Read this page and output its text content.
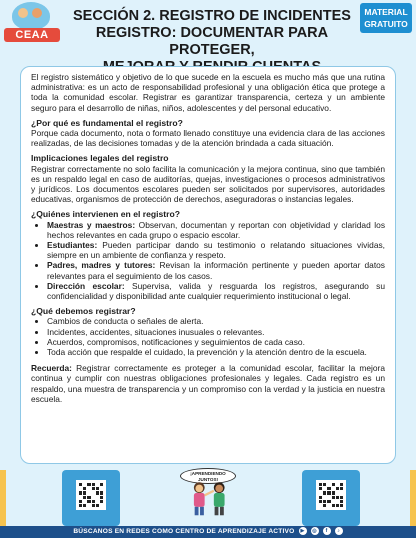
CEAA
SECCIÓN 2. REGISTRO DE INCIDENTES
REGISTRO: DOCUMENTAR PARA PROTEGER,
MATERIAL
GRATUITO

El registro sistemático y objetivo de lo que sucede en la escuela es mucho más que una rutina administrativa: es un acto de responsabilidad profesional y una obligación ética que protege a toda la comunidad escolar. Registrar es garantizar transparencia, certeza y un ambiente seguro para el desarrollo de niñas, niños, adolescentes y del personal educativo.

¿Por qué es fundamental el registro?

Porque cada documento, nota o formato llenado constituye una evidencia clara de las acciones realizadas, de las decisiones tomadas y de la atención brindada a cada situación.

Implicaciones legales del registro

Registrar correctamente no solo facilita la comunicación y la mejora continua, sino que también es un respaldo legal en caso de auditorías, quejas, investigaciones o procesos administrativos y jurídicos. Los documentos escolares pueden ser solicitados por supervisores, autoridades educativas, organismos de protección de derechos, aseguradoras o instancias legales.

¿Quiénes intervienen en el registro?
• Maestras y maestros: Observan, documentan y reportan con objetividad y claridad los hechos relevantes en cada grupo o espacio escolar.
• Estudiantes: Pueden participar dando su testimonio o relatando situaciones vividas, siempre en un ambiente de confianza y respeto.
• Padres, madres y tutores: Revisan la información pertinente y pueden aportar datos relevantes para el seguimiento de los casos.
• Dirección escolar: Supervisa, valida y resguarda los registros, asegurando su confidencialidad y disponibilidad ante cualquier requerimiento institucional o legal.
¿Qué debemos registrar?
• Cambios de conducta o señales de alerta.
• Incidentes, accidentes, situaciones inusuales o relevantes.
• Acuerdos, compromisos, notificaciones y seguimientos de cada caso.
• Toda acción que respalde el cuidado, la prevención y la atención dentro de la escuela.

Recuerda: Registrar correctamente es proteger a la comunidad escolar, facilitar la mejora continua y cumplir con nuestras obligaciones profesionales y legales. Cada registro es un respaldo, una muestra de transparencia y un compromiso con la verdad y la justicia en nuestra escuela.

¡APRENDIENDO JUNTOS!
BÚSCANOS EN REDES COMO CENTRO DE APRENDIZAJE ACTIVO ▶ ◎ f ♪
